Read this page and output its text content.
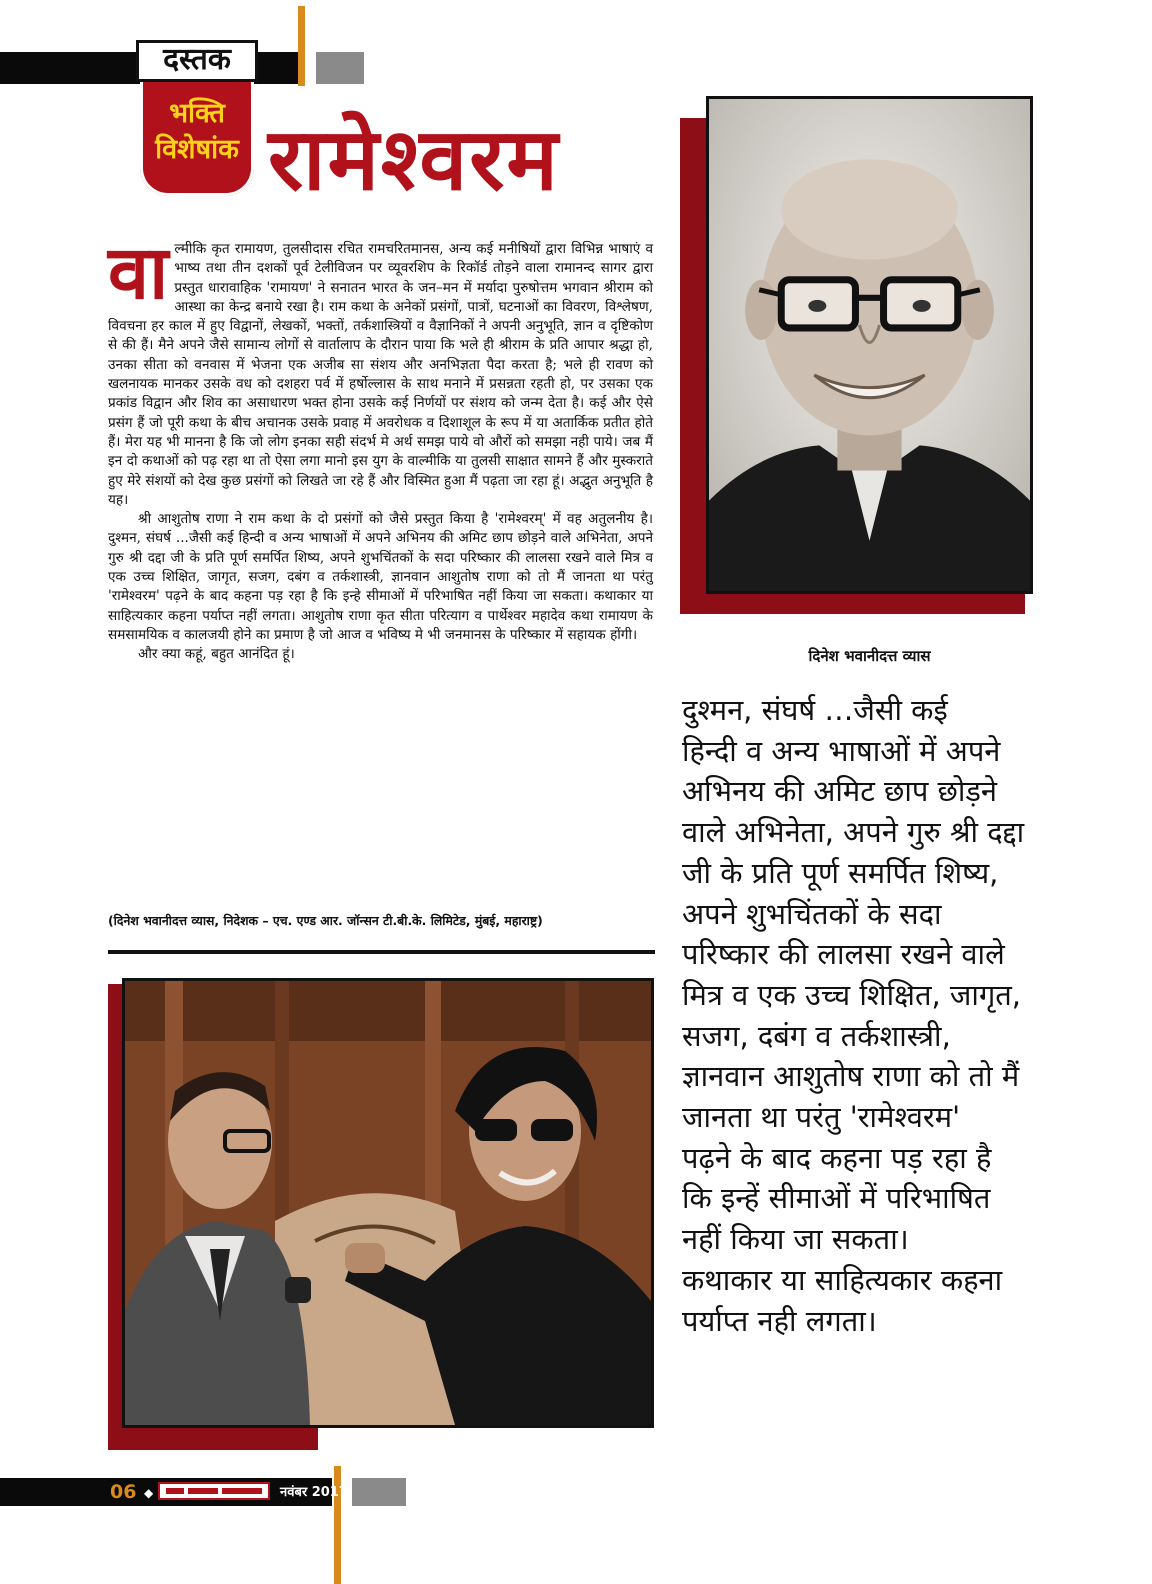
दस्तक
भक्ति
विशेषांक रामेश्वरम

वा ल्मीकि कृत रामायण, तुलसीदास रचित रामचरितमानस, अन्य कई मनीषियों द्वारा विभिन्न भाषाएं व भाष्य तथा तीन दशकों पूर्व टेलीविजन पर व्यूवरशिप के रिकॉर्ड तोड़ने वाला रामानन्द सागर द्वारा प्रस्तुत धारावाहिक 'रामायण' ने सनातन भारत के जन–मन में मर्यादा पुरुषोत्तम भगवान श्रीराम को आस्था का केन्द्र बनाये रखा है। राम कथा के अनेकों प्रसंगों, पात्रों, घटनाओं का विवरण, विश्लेषण, विवचना हर काल में हुए विद्वानों, लेखकों, भक्तों, तर्कशास्त्रियों व वैज्ञानिकों ने अपनी अनुभूति, ज्ञान व दृष्टिकोण से की हैं। मैने अपने जैसे सामान्य लोगों से वार्तालाप के दौरान पाया कि भले ही श्रीराम के प्रति आपार श्रद्धा हो, उनका सीता को वनवास में भेजना एक अजीब सा संशय और अनभिज्ञता पैदा करता है; भले ही रावण को खलनायक मानकर उसके वध को दशहरा पर्व में हर्षोल्लास के साथ मनाने में प्रसन्नता रहती हो, पर उसका एक प्रकांड विद्वान और शिव का असाधारण भक्त होना उसके कई निर्णयों पर संशय को जन्म देता है। कई और ऐसे प्रसंग हैं जो पूरी कथा के बीच अचानक उसके प्रवाह में अवरोधक व दिशाशूल के रूप में या अतार्किक प्रतीत होते हैं। मेरा यह भी मानना है कि जो लोग इनका सही संदर्भ मे अर्थ समझ पाये वो औरों को समझा नही पाये। जब मैं इन दो कथाओं को पढ़ रहा था तो ऐसा लगा मानो इस युग के वाल्मीकि या तुलसी साक्षात सामने हैं और मुस्कराते हुए मेरे संशयों को देख कुछ प्रसंगों को लिखते जा रहे हैं और विस्मित हुआ मैं पढ़ता जा रहा हूं। अद्भुत अनुभूति है यह।

श्री आशुतोष राणा ने राम कथा के दो प्रसंगों को जैसे प्रस्तुत किया है 'रामेश्वरम्' में वह अतुलनीय है। दुश्मन, संघर्ष ...जैसी कई हिन्दी व अन्य भाषाओं में अपने अभिनय की अमिट छाप छोड़ने वाले अभिनेता, अपने गुरु श्री दद्दा जी के प्रति पूर्ण समर्पित शिष्य, अपने शुभचिंतकों के सदा परिष्कार की लालसा रखने वाले मित्र व एक उच्च शिक्षित, जागृत, सजग, दबंग व तर्कशास्त्री, ज्ञानवान आशुतोष राणा को तो मैं जानता था परंतु 'रामेश्वरम' पढ़ने के बाद कहना पड़ रहा है कि इन्हे सीमाओं में परिभाषित नहीं किया जा सकता। कथाकार या साहित्यकार कहना पर्याप्त नहीं लगता। आशुतोष राणा कृत सीता परित्याग व पार्थेश्वर महादेव कथा रामायण के समसामयिक व कालजयी होने का प्रमाण है जो आज व भविष्य मे भी जनमानस के परिष्कार में सहायक होंगी।

और क्या कहूं, बहुत आनंदित हूं।

(दिनेश भवानीदत्त व्यास, निदेशक – एच. एण्ड आर. जॉन्सन टी.बी.के. लिमिटेड, मुंबई, महाराष्ट्र)
दिनेश भवानीदत्त व्यास
दुश्मन, संघर्ष …जैसी कई
हिन्दी व अन्य भाषाओं में अपने
अभिनय की अमिट छाप छोड़ने
वाले अभिनेता, अपने गुरु श्री दद्दा
जी के प्रति पूर्ण समर्पित शिष्य,
अपने शुभचिंतकों के सदा
परिष्कार की लालसा रखने वाले
मित्र व एक उच्च शिक्षित, जागृत,
सजग, दबंग व तर्कशास्त्री,
ज्ञानवान आशुतोष राणा को तो मैं
जानता था परंतु 'रामेश्वरम'
पढ़ने के बाद कहना पड़ रहा है
कि इन्हें सीमाओं में परिभाषित
नहीं किया जा सकता।
कथाकार या साहित्यकार कहना
पर्याप्त नही लगता।
06 ◆	नवंबर 2017
